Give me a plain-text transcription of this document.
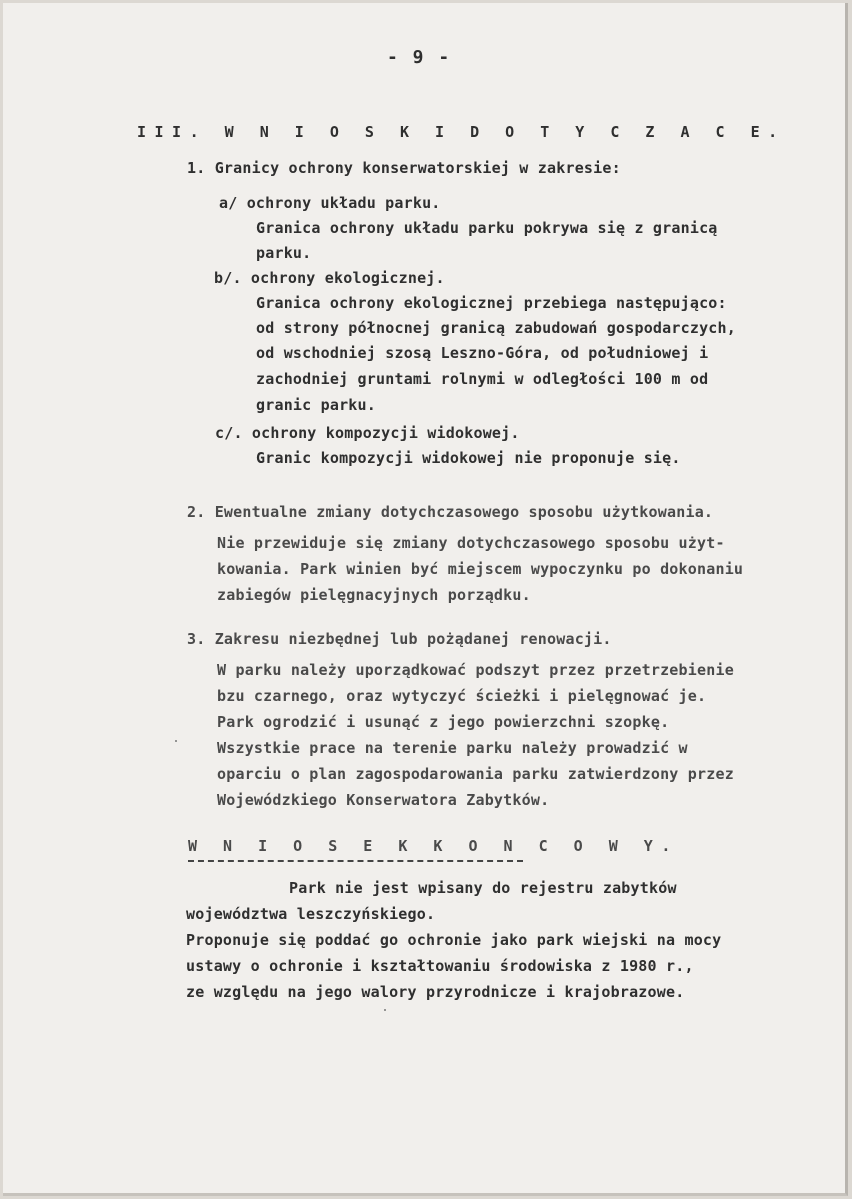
- 9 -
III. W N I O S K I D O T Y C Z A C E.
1. Granicy ochrony konserwatorskiej w zakresie:
a/ ochrony układu parku.
Granica ochrony układu parku pokrywa się z granicą
parku.
b/. ochrony ekologicznej.
Granica ochrony ekologicznej przebiega następująco:
od strony północnej granicą zabudowań gospodarczych,
od wschodniej szosą Leszno-Góra, od południowej i
zachodniej gruntami rolnymi w odległości 100 m od
granic parku.
c/. ochrony kompozycji widokowej.
Granic kompozycji widokowej nie proponuje się.
2. Ewentualne zmiany dotychczasowego sposobu użytkowania.
Nie przewiduje się zmiany dotychczasowego sposobu użyt-
kowania. Park winien być miejscem wypoczynku po dokonaniu
zabiegów pielęgnacyjnych porządku.
3. Zakresu niezbędnej lub pożądanej renowacji.
W parku należy uporządkować podszyt przez przetrzebienie
bzu czarnego, oraz wytyczyć ścieżki i pielęgnować je.
Park ogrodzić i usunąć z jego powierzchni szopkę.
Wszystkie prace na terenie parku należy prowadzić w
oparciu o plan zagospodarowania parku zatwierdzony przez
Wojewódzkiego Konserwatora Zabytków.
W N I O S E K K O N C O W Y.
Park nie jest wpisany do rejestru zabytków
województwa leszczyńskiego.
Proponuje się poddać go ochronie jako park wiejski na mocy
ustawy o ochronie i kształtowaniu środowiska z 1980 r.,
ze względu na jego walory przyrodnicze i krajobrazowe.
